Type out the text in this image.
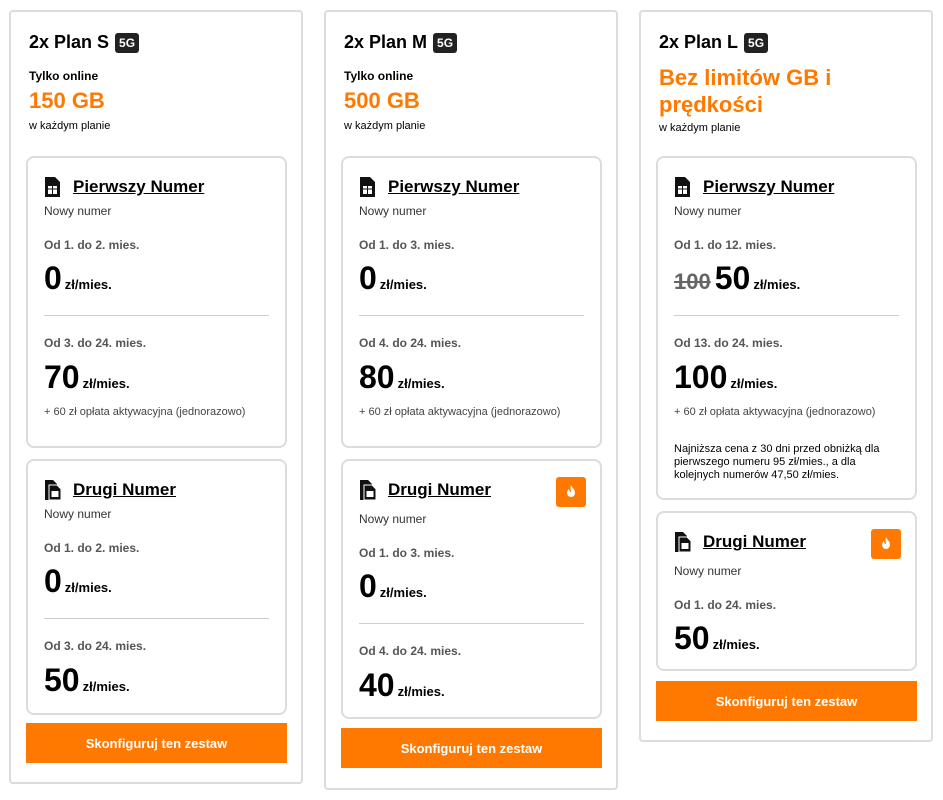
2x Plan S 5G
Tylko online
150 GB
w każdym planie
Pierwszy Numer
Nowy numer
Od 1. do 2. mies.
0 zł/mies.
Od 3. do 24. mies.
70 zł/mies.
+ 60 zł opłata aktywacyjna (jednorazowo)
Drugi Numer
Nowy numer
Od 1. do 2. mies.
0 zł/mies.
Od 3. do 24. mies.
50 zł/mies.
Skonfiguruj ten zestaw
2x Plan M 5G
Tylko online
500 GB
w każdym planie
Pierwszy Numer
Nowy numer
Od 1. do 3. mies.
0 zł/mies.
Od 4. do 24. mies.
80 zł/mies.
+ 60 zł opłata aktywacyjna (jednorazowo)
Drugi Numer
Nowy numer
Od 1. do 3. mies.
0 zł/mies.
Od 4. do 24. mies.
40 zł/mies.
Skonfiguruj ten zestaw
2x Plan L 5G
Bez limitów GB i
prędkości
w każdym planie
Pierwszy Numer
Nowy numer
Od 1. do 12. mies.
100 50 zł/mies.
Od 13. do 24. mies.
100 zł/mies.
+ 60 zł opłata aktywacyjna (jednorazowo)
Najniższa cena z 30 dni przed obniżką dla pierwszego numeru 95 zł/mies., a dla kolejnych numerów 47,50 zł/mies.
Drugi Numer
Nowy numer
Od 1. do 24. mies.
50 zł/mies.
Skonfiguruj ten zestaw
